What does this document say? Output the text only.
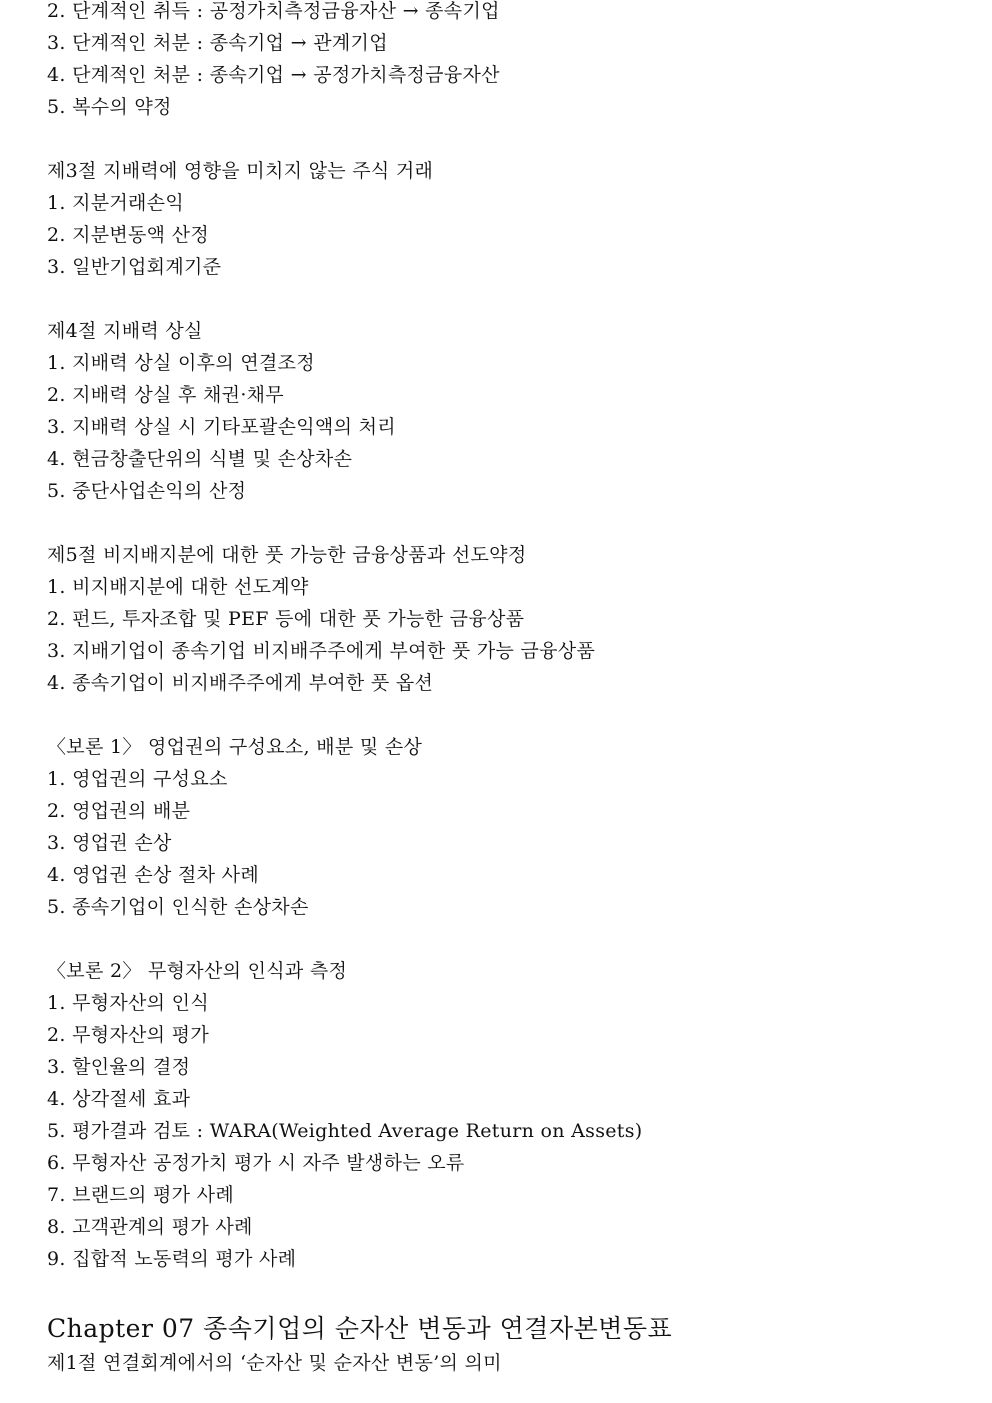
2. 단계적인 취득 : 공정가치측정금융자산 → 종속기업
3. 단계적인 처분 : 종속기업 → 관계기업
4. 단계적인 처분 : 종속기업 → 공정가치측정금융자산
5. 복수의 약정
제3절 지배력에 영향을 미치지 않는 주식 거래
1. 지분거래손익
2. 지분변동액 산정
3. 일반기업회계기준
제4절 지배력 상실
1. 지배력 상실 이후의 연결조정
2. 지배력 상실 후 채권·채무
3. 지배력 상실 시 기타포괄손익액의 처리
4. 현금창출단위의 식별 및 손상차손
5. 중단사업손익의 산정
제5절 비지배지분에 대한 풋 가능한 금융상품과 선도약정
1. 비지배지분에 대한 선도계약
2. 펀드, 투자조합 및 PEF 등에 대한 풋 가능한 금융상품
3. 지배기업이 종속기업 비지배주주에게 부여한 풋 가능 금융상품
4. 종속기업이 비지배주주에게 부여한 풋 옵션
〈보론 1〉 영업권의 구성요소, 배분 및 손상
1. 영업권의 구성요소
2. 영업권의 배분
3. 영업권 손상
4. 영업권 손상 절차 사례
5. 종속기업이 인식한 손상차손
〈보론 2〉 무형자산의 인식과 측정
1. 무형자산의 인식
2. 무형자산의 평가
3. 할인율의 결정
4. 상각절세 효과
5. 평가결과 검토 : WARA(Weighted Average Return on Assets)
6. 무형자산 공정가치 평가 시 자주 발생하는 오류
7. 브랜드의 평가 사례
8. 고객관계의 평가 사례
9. 집합적 노동력의 평가 사례
Chapter 07 종속기업의 순자산 변동과 연결자본변동표
제1절 연결회계에서의 ‘순자산 및 순자산 변동’의 의미
